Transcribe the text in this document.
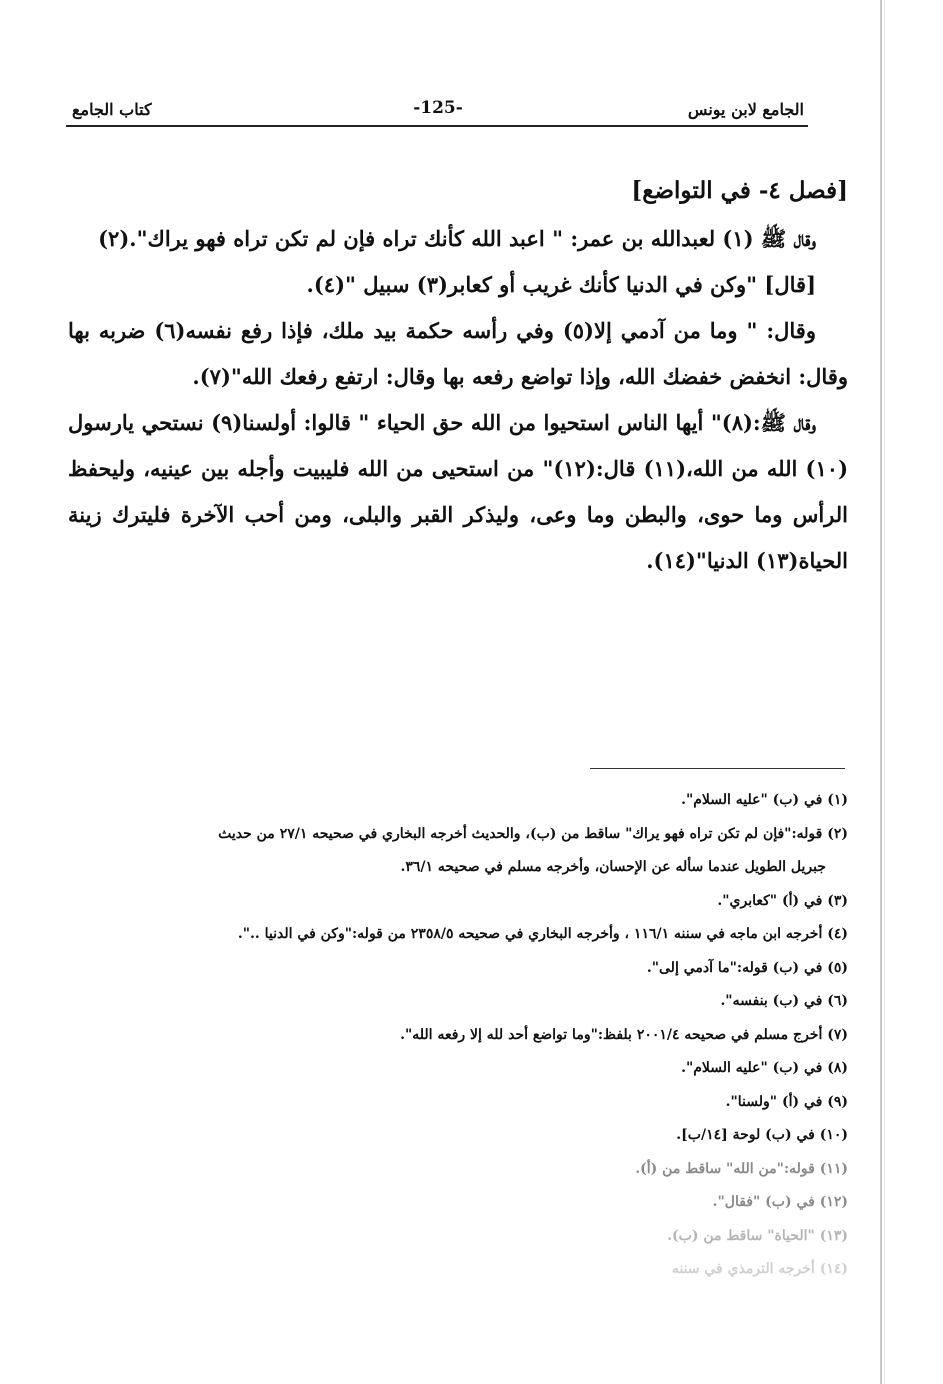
كتاب الجامع	-125-	الجامع لابن يونس

[فصل ٤- في التواضع]

وقال ﷺ (١) لعبدالله بن عمر: " اعبد الله كأنك تراه فإن لم تكن تراه فهو يراك".(٢)

[قال] "وكن في الدنيا كأنك غريب أو كعابر(٣) سبيل "(٤).

وقال: " وما من آدمي إلا(٥) وفي رأسه حكمة بيد ملك، فإذا رفع نفسه(٦) ضربه بها وقال: انخفض خفضك الله، وإذا تواضع رفعه بها وقال: ارتفع رفعك الله"(٧).

وقال ﷺ:(٨)" أيها الناس استحيوا من الله حق الحياء " قالوا: أولسنا(٩) نستحي يارسول (١٠) الله من الله،(١١) قال:(١٢)" من استحيى من الله فليبيت وأجله بين عينيه، وليحفظ الرأس وما حوى، والبطن وما وعى، وليذكر القبر والبلى، ومن أحب الآخرة فليترك زينة الحياة(١٣) الدنيا"(١٤).

(١) في (ب) "عليه السلام".

(٢) قوله:"فإن لم تكن تراه فهو يراك" ساقط من (ب)، والحديث أخرجه البخاري في صحيحه ٢٧/١ من حديث

جبريل الطويل عندما سأله عن الإحسان، وأخرجه مسلم في صحيحه ٣٦/١.

(٣) في (أ) "كعابري".

(٤) أخرجه ابن ماجه في سننه ١١٦/١ ، وأخرجه البخاري في صحيحه ٢٣٥٨/٥ من قوله:"وكن في الدنيا ..".

(٥) في (ب) قوله:"ما آدمي إلى".

(٦) في (ب) بنفسه".

(٧) أخرج مسلم في صحيحه ٢٠٠١/٤ بلفظ:"وما تواضع أحد لله إلا رفعه الله".

(٨) في (ب) "عليه السلام".

(٩) في (أ) "ولسنا".

(١٠) في (ب) لوحة [١٤/ب].

(١١) قوله:"من الله" ساقط من (أ).

(١٢) في (ب) "فقال".

(١٣) "الحياة" ساقط من (ب).

(١٤) أخرجه الترمذي في سننه
